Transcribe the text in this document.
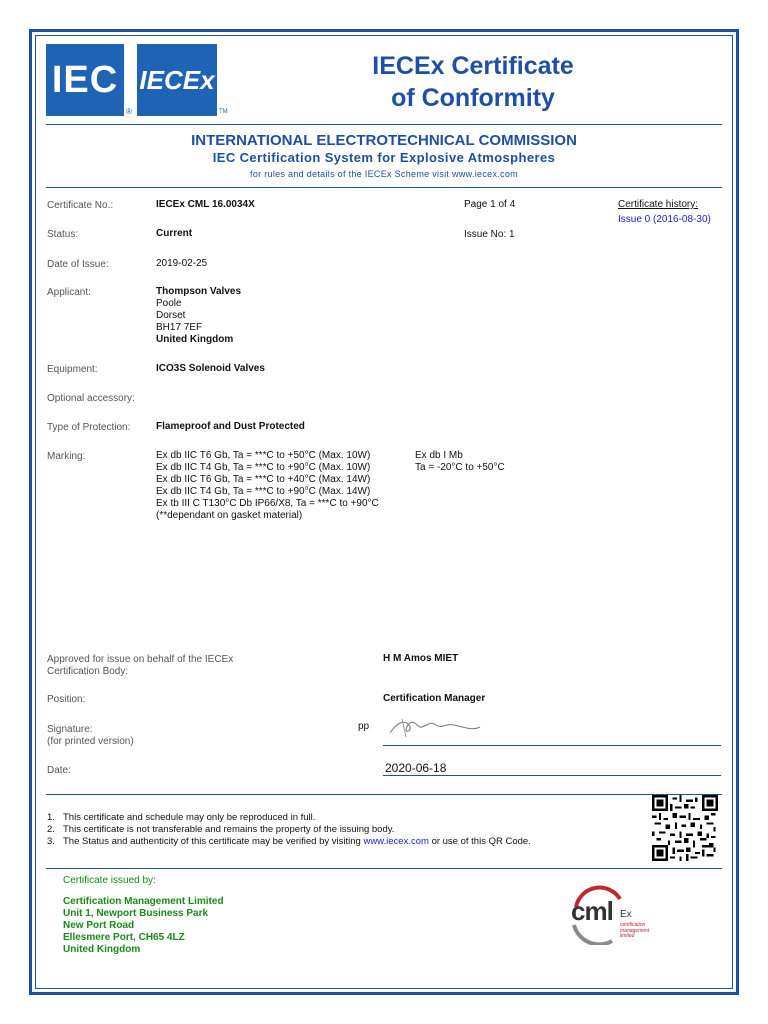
IEC
®
IECEx
TM
IECEx Certificate
of Conformity
INTERNATIONAL ELECTROTECHNICAL COMMISSION
IEC Certification System for Explosive Atmospheres
for rules and details of the IECEx Scheme visit www.iecex.com
Certificate No.:	IECEx CML 16.0034X	Page 1 of 4	Certificate history:
Issue 0 (2016-08-30)
Status:	Current	Issue No: 1
Date of Issue:	2019-02-25
Applicant:	Thompson Valves
Poole
Dorset
BH17 7EF
United Kingdom
Equipment:	ICO3S Solenoid Valves
Optional accessory:
Type of Protection:	Flameproof and Dust Protected
Marking:	Ex db IIC T6 Gb, Ta = ***C to +50°C (Max. 10W)
Ex db IIC T4 Gb, Ta = ***C to +90°C (Max. 10W)
Ex db IIC T6 Gb, Ta = ***C to +40°C (Max. 14W)
Ex db IIC T4 Gb, Ta = ***C to +90°C (Max. 14W)
Ex tb III C T130°C Db IP66/X8, Ta = ***C to +90°C
(**dependant on gasket material)
Ex db I Mb
Ta = -20°C to +50°C
Approved for issue on behalf of the IECEx
Certification Body:
H M Amos MIET
Position:	Certification Manager
Signature:
(for printed version)
pp
Date:	2020-06-18
1. This certificate and schedule may only be reproduced in full.
2. This certificate is not transferable and remains the property of the issuing body.
3. The Status and authenticity of this certificate may be verified by visiting www.iecex.com or use of this QR Code.
Certificate issued by:
Certification Management Limited
Unit 1, Newport Business Park
New Port Road
Ellesmere Port, CH65 4LZ
United Kingdom
cml Ex
certification
management
limited
